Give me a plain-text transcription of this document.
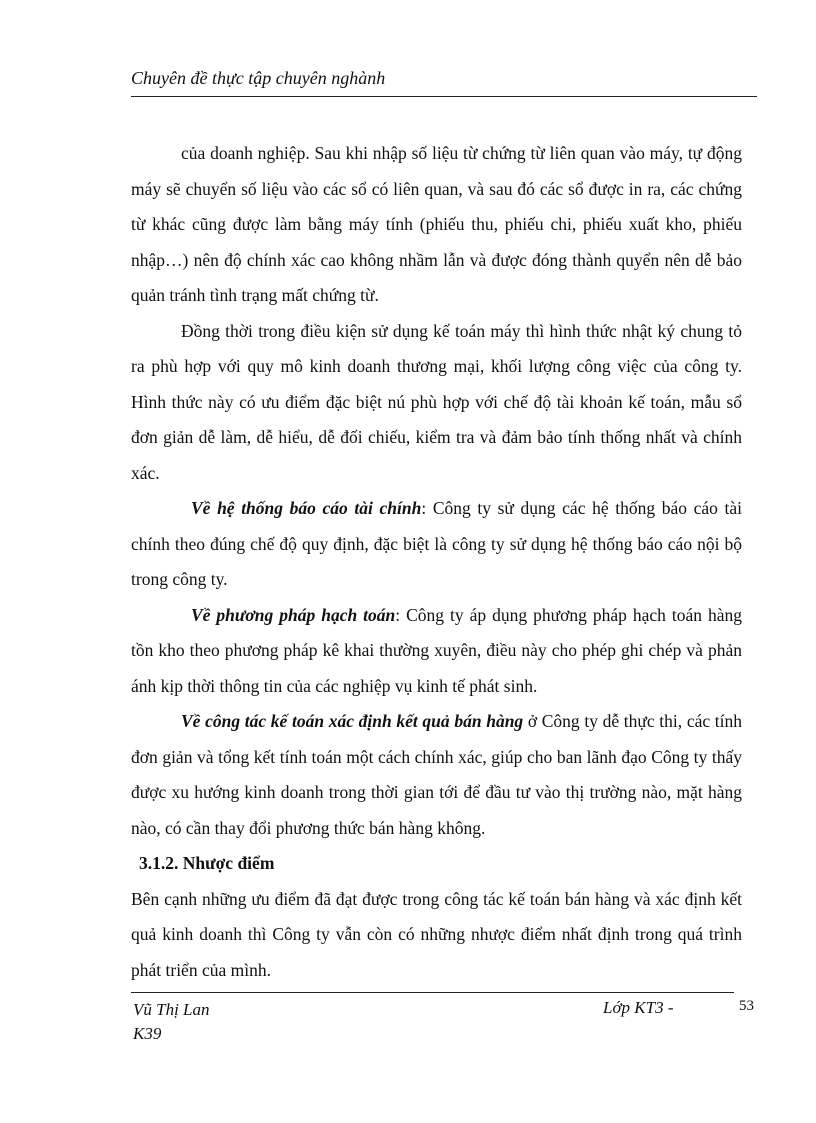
Chuyên đề thực tập chuyên nghành

của doanh nghiệp. Sau khi nhập số liệu từ chứng từ liên quan vào máy, tự động máy sẽ chuyển số liệu vào các sổ có liên quan, và sau đó các sổ được in ra, các chứng từ khác cũng được làm bằng máy tính (phiếu thu, phiếu chi, phiếu xuất kho, phiếu nhập…) nên độ chính xác cao không nhầm lẫn và được đóng thành quyển nên dễ bảo quản tránh tình trạng mất chứng từ.

Đồng thời trong điều kiện sử dụng kế toán máy thì hình thức nhật ký chung tỏ ra phù hợp với quy mô kinh doanh thương mại, khối lượng công việc của công ty. Hình thức này có ưu điểm đặc biệt nú phù hợp với chế độ tài khoản kế toán, mẫu sổ đơn giản dễ làm, dễ hiểu, dễ đối chiếu, kiểm tra và đảm bảo tính thống nhất và chính xác.

Về hệ thống báo cáo tài chính: Công ty sử dụng các hệ thống báo cáo tài chính theo đúng chế độ quy định, đặc biệt là công ty sử dụng hệ thống báo cáo nội bộ trong công ty.

Về phương pháp hạch toán: Công ty áp dụng phương pháp hạch toán hàng tồn kho theo phương pháp kê khai thường xuyên, điều này cho phép ghi chép và phản ánh kịp thời thông tin của các nghiệp vụ kinh tế phát sinh.

Về công tác kế toán xác định kết quả bán hàng ở Công ty dễ thực thi, các tính đơn giản và tổng kết tính toán một cách chính xác, giúp cho ban lãnh đạo Công ty thấy được xu hướng kinh doanh trong thời gian tới để đầu tư vào thị trường nào, mặt hàng nào, có cần thay đổi phương thức bán hàng không.

3.1.2. Nhược điểm

Bên cạnh những ưu điểm đã đạt được trong công tác kế toán bán hàng và xác định kết quả kinh doanh thì Công ty vẫn còn có những nhược điểm nhất định trong quá trình phát triển của mình.

Vũ Thị Lan
K39
Lớp KT3 -	53
